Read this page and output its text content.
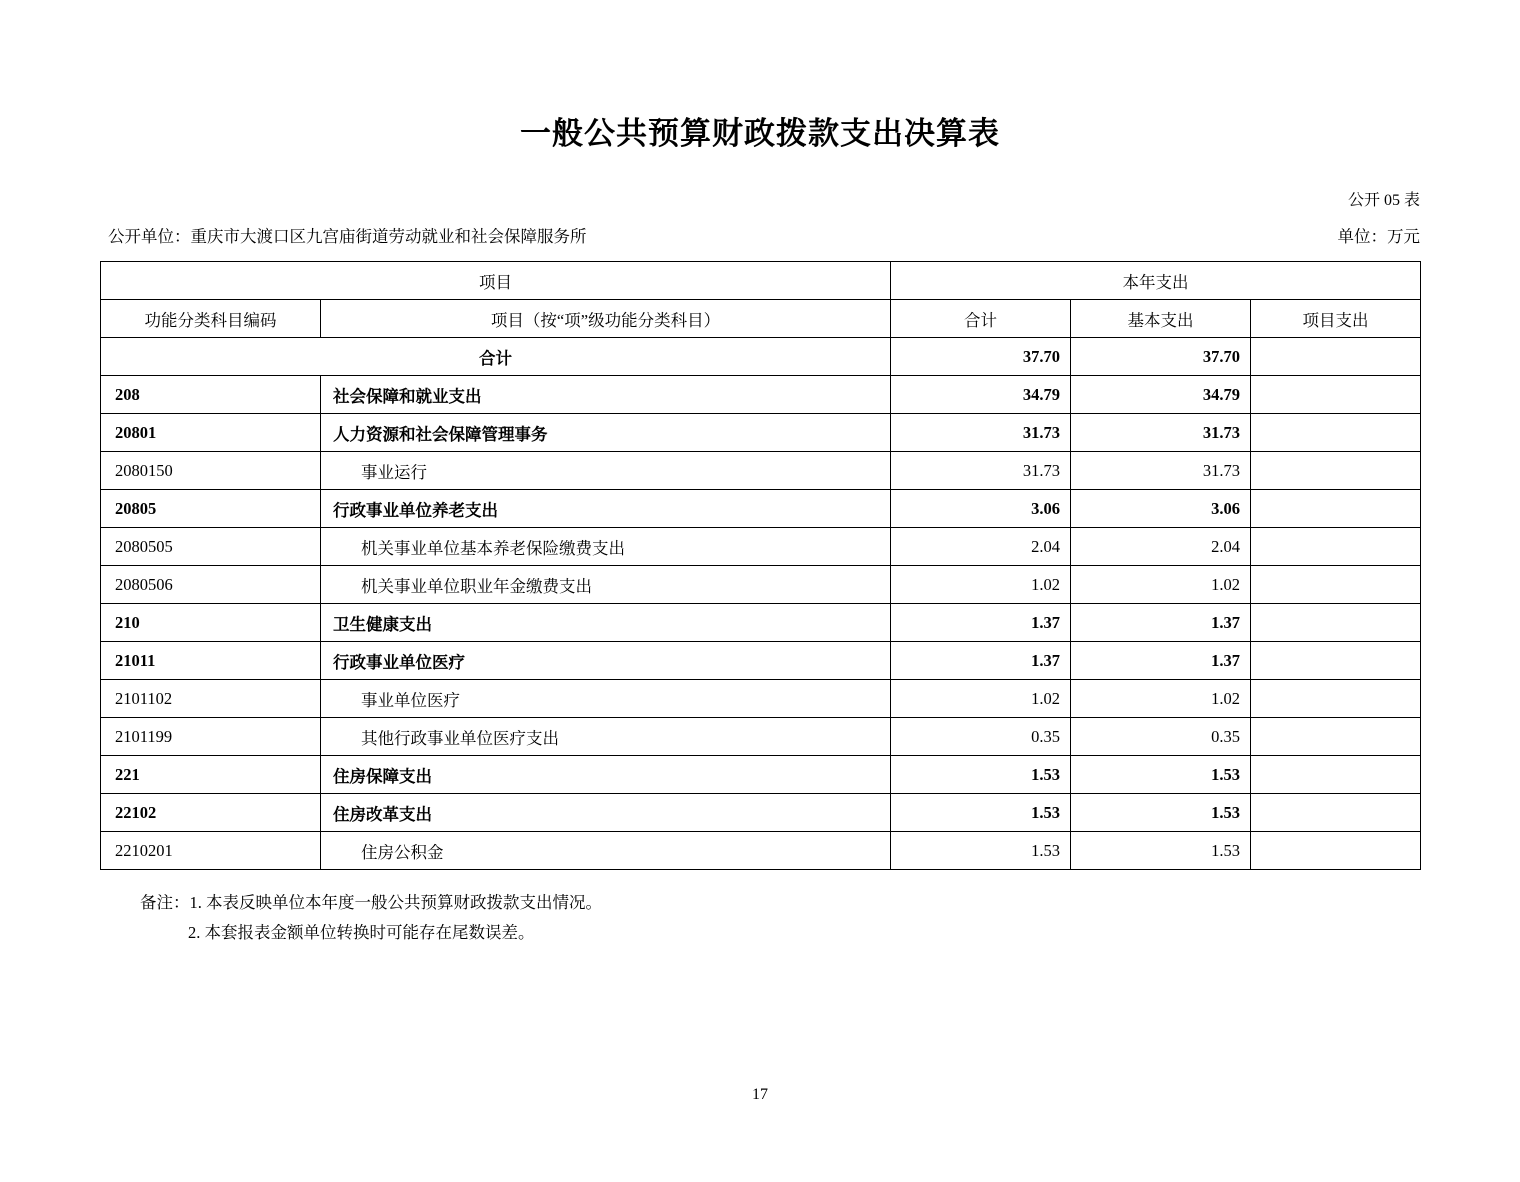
一般公共预算财政拨款支出决算表
公开 05 表
公开单位：重庆市大渡口区九宫庙街道劳动就业和社会保障服务所	单位：万元
项目		本年支出		
功能分类科目编码	项目（按“项”级功能分类科目）	合计	基本支出	项目支出
合计		37.70	37.70	
208	社会保障和就业支出	34.79	34.79	
20801	人力资源和社会保障管理事务	31.73	31.73	
2080150	事业运行	31.73	31.73	
20805	行政事业单位养老支出	3.06	3.06	
2080505	机关事业单位基本养老保险缴费支出	2.04	2.04	
2080506	机关事业单位职业年金缴费支出	1.02	1.02	
210	卫生健康支出	1.37	1.37	
21011	行政事业单位医疗	1.37	1.37	
2101102	事业单位医疗	1.02	1.02	
2101199	其他行政事业单位医疗支出	0.35	0.35	
221	住房保障支出	1.53	1.53	
22102	住房改革支出	1.53	1.53	
2210201	住房公积金	1.53	1.53	
备注：1. 本表反映单位本年度一般公共预算财政拨款支出情况。
2. 本套报表金额单位转换时可能存在尾数误差。
17
